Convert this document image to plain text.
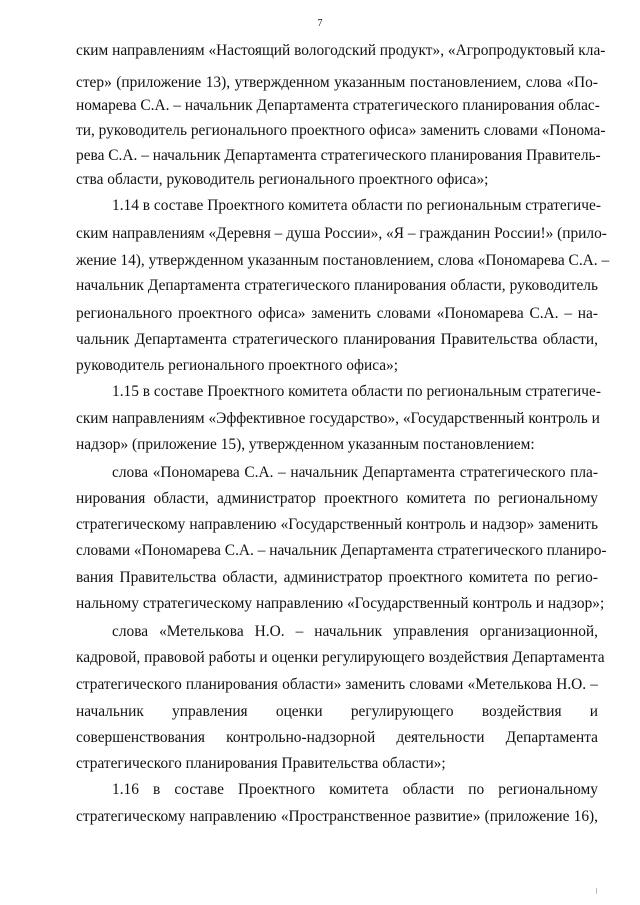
7
ским направлениям «Настоящий вологодский продукт», «Агропродуктовый кла-
стер» (приложение 13), утвержденном указанным постановлением, слова «По-
номарева С.А. – начальник Департамента стратегического планирования облас-
ти, руководитель регионального проектного офиса» заменить словами «Понома-
рева С.А. – начальник Департамента стратегического планирования Правитель-
ства области, руководитель регионального проектного офиса»;
1.14 в составе Проектного комитета области по региональным стратегиче-
ским направлениям «Деревня – душа России», «Я – гражданин России!» (прило-
жение 14), утвержденном указанным постановлением, слова «Пономарева С.А. –
начальник Департамента стратегического планирования области, руководитель
регионального проектного офиса» заменить словами «Пономарева С.А. – на-
чальник Департамента стратегического планирования Правительства области,
руководитель регионального проектного офиса»;
1.15 в составе Проектного комитета области по региональным стратегиче-
ским направлениям «Эффективное государство», «Государственный контроль и
надзор» (приложение 15), утвержденном указанным постановлением:
слова «Пономарева С.А. – начальник Департамента стратегического пла-
нирования области, администратор проектного комитета по региональному
стратегическому направлению «Государственный контроль и надзор» заменить
словами «Пономарева С.А. – начальник Департамента стратегического планиро-
вания Правительства области, администратор проектного комитета по регио-
нальному стратегическому направлению «Государственный контроль и надзор»;
слова «Метелькова Н.О. – начальник управления организационной,
кадровой, правовой работы и оценки регулирующего воздействия Департамента
стратегического планирования области» заменить словами «Метелькова Н.О. –
начальник управления оценки регулирующего воздействия и
совершенствования контрольно-надзорной деятельности Департамента
стратегического планирования Правительства области»;
1.16 в составе Проектного комитета области по региональному
стратегическому направлению «Пространственное развитие» (приложение 16),
